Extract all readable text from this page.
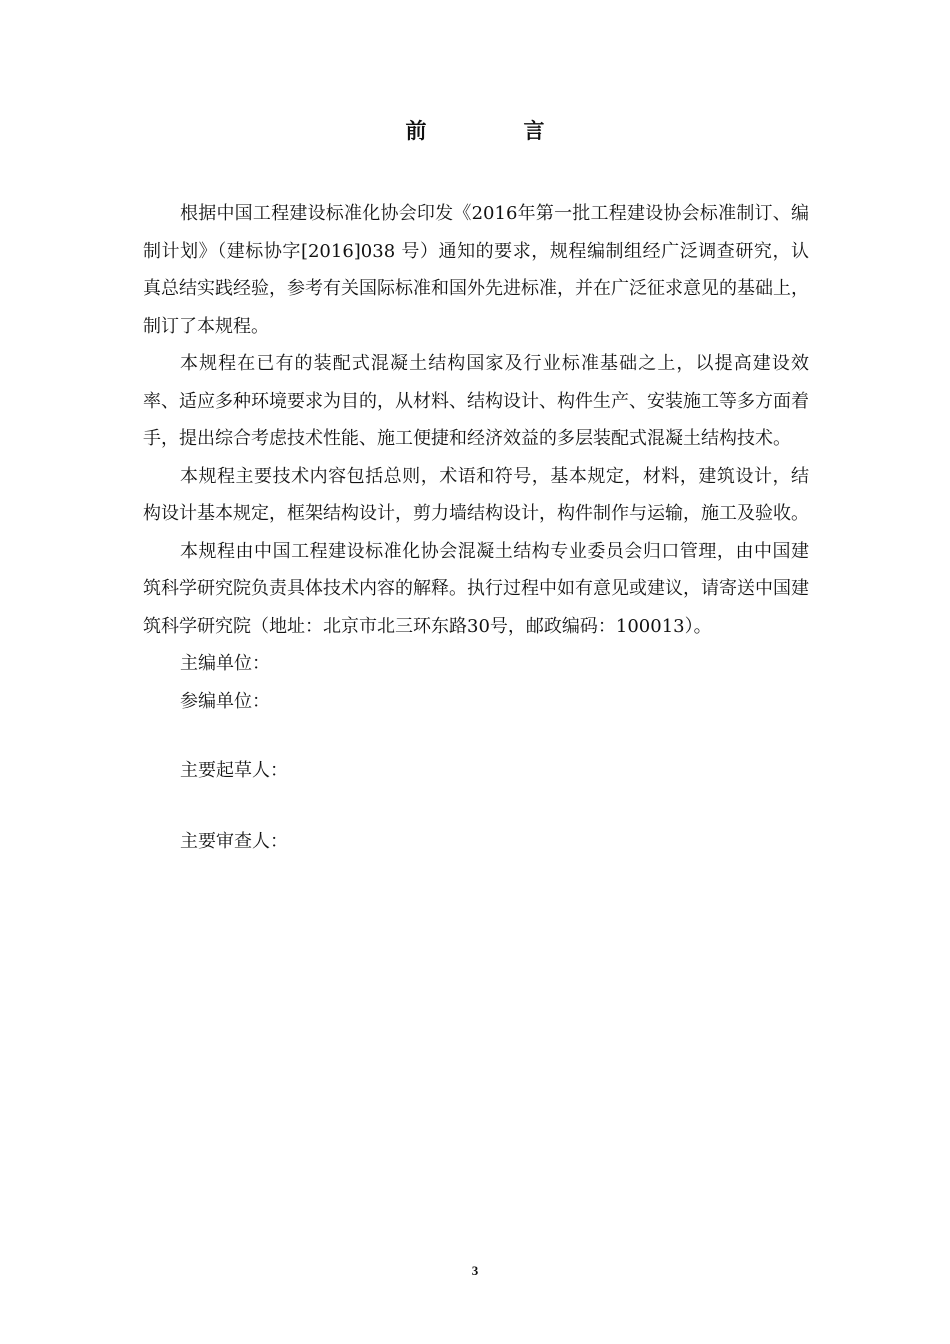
前　言

根据中国工程建设标准化协会印发《2016年第一批工程建设协会标准制订、编制计划》（建标协字[2016]038 号）通知的要求，规程编制组经广泛调查研究，认真总结实践经验，参考有关国际标准和国外先进标准，并在广泛征求意见的基础上，制订了本规程。

本规程在已有的装配式混凝土结构国家及行业标准基础之上，以提高建设效率、适应多种环境要求为目的，从材料、结构设计、构件生产、安装施工等多方面着手，提出综合考虑技术性能、施工便捷和经济效益的多层装配式混凝土结构技术。

本规程主要技术内容包括总则，术语和符号，基本规定，材料，建筑设计，结构设计基本规定，框架结构设计，剪力墙结构设计，构件制作与运输，施工及验收。

本规程由中国工程建设标准化协会混凝土结构专业委员会归口管理，由中国建筑科学研究院负责具体技术内容的解释。执行过程中如有意见或建议，请寄送中国建筑科学研究院（地址：北京市北三环东路30号，邮政编码：100013）。

主编单位：

参编单位：

主要起草人：

主要审查人：

3
